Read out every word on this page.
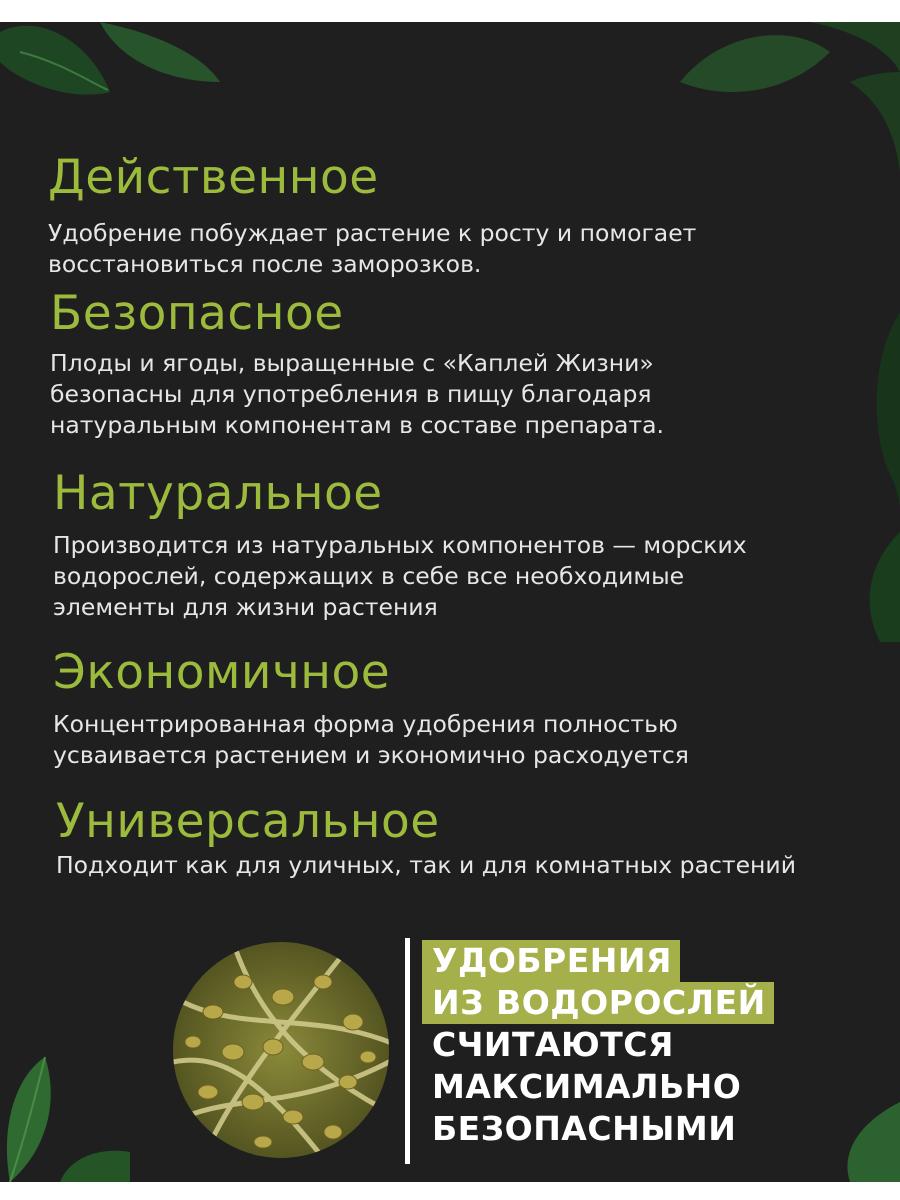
Действенное

Удобрение побуждает растение к росту и помогает
восстановиться после заморозков.

Безопасное

Плоды и ягоды, выращенные с «Каплей Жизни»
безопасны для употребления в пищу благодаря
натуральным компонентам в составе препарата.

Натуральное

Производится из натуральных компонентов — морских
водорослей, содержащих в себе все необходимые
элементы для жизни растения

Экономичное

Концентрированная форма удобрения полностью
усваивается растением и экономично расходуется

Универсальное

Подходит как для уличных, так и для комнатных растений

УДОБРЕНИЯ
ИЗ ВОДОРОСЛЕЙ
СЧИТАЮТСЯ
МАКСИМАЛЬНО
БЕЗОПАСНЫМИ
